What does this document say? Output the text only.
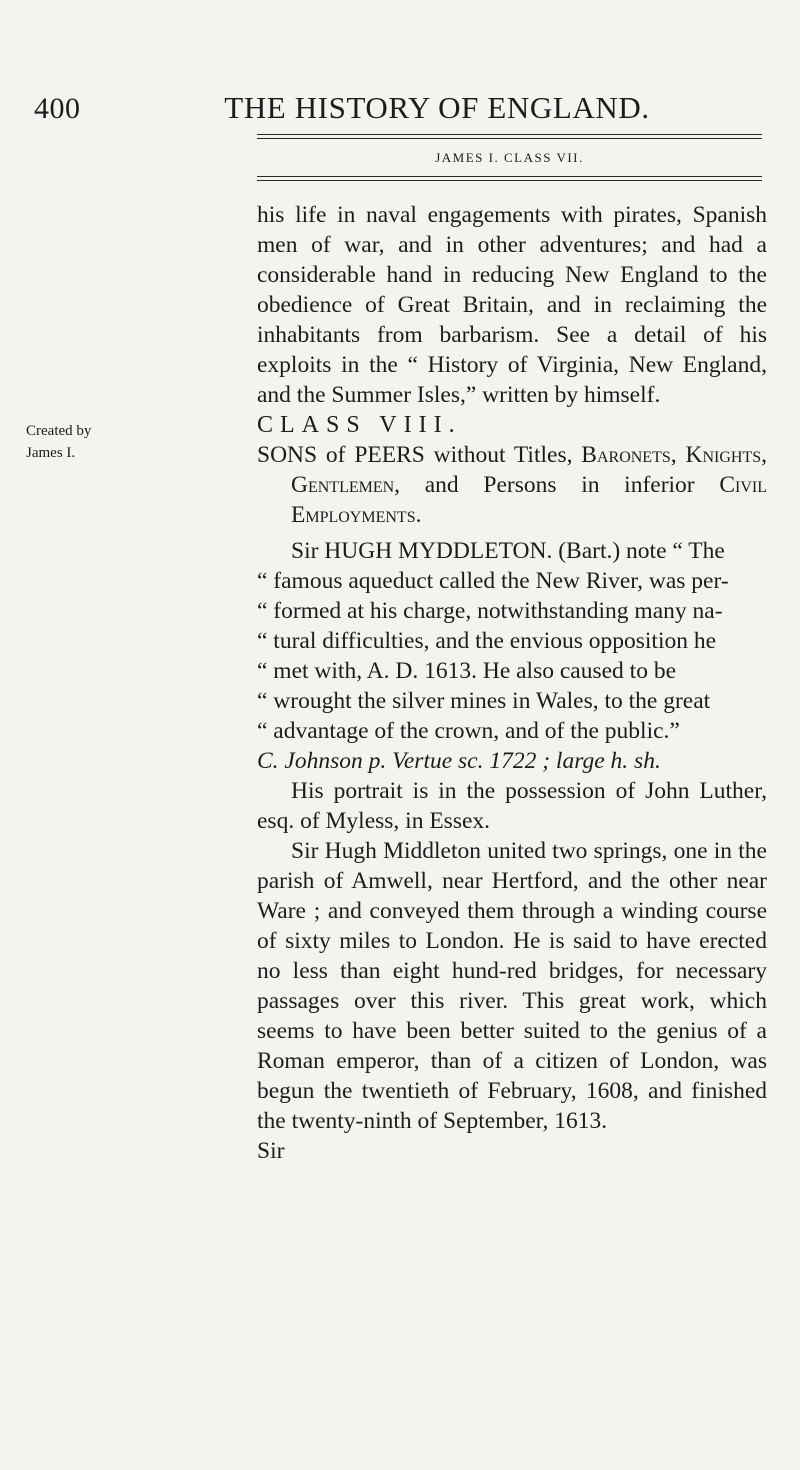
400	THE HISTORY OF ENGLAND.
JAMES I. CLASS VII.
Created by
James I.

his life in naval engagements with pirates, Spanish men of war, and in other adventures; and had a considerable hand in reducing New England to the obedience of Great Britain, and in reclaiming the inhabitants from barbarism. See a detail of his exploits in the “ History of Virginia, New England, and the Summer Isles,” written by himself.

CLASS VIII.

SONS of PEERS without Titles, Baronets, Knights, Gentlemen, and Persons in inferior Civil Employments.

Sir HUGH MYDDLETON. (Bart.) note “ The

“ famous aqueduct called the New River, was per-

“ formed at his charge, notwithstanding many na-

“ tural difficulties, and the envious opposition he

“ met with, A. D. 1613. He also caused to be

“ wrought the silver mines in Wales, to the great

“ advantage of the crown, and of the public.”

C. Johnson p. Vertue sc. 1722 ; large h. sh.

His portrait is in the possession of John Luther, esq. of Myless, in Essex.

Sir Hugh Middleton united two springs, one in the parish of Amwell, near Hertford, and the other near Ware ; and conveyed them through a winding course of sixty miles to London. He is said to have erected no less than eight hund-red bridges, for necessary passages over this river. This great work, which seems to have been better suited to the genius of a Roman emperor, than of a citizen of London, was begun the twentieth of February, 1608, and finished the twenty-ninth of September, 1613.

Sir
